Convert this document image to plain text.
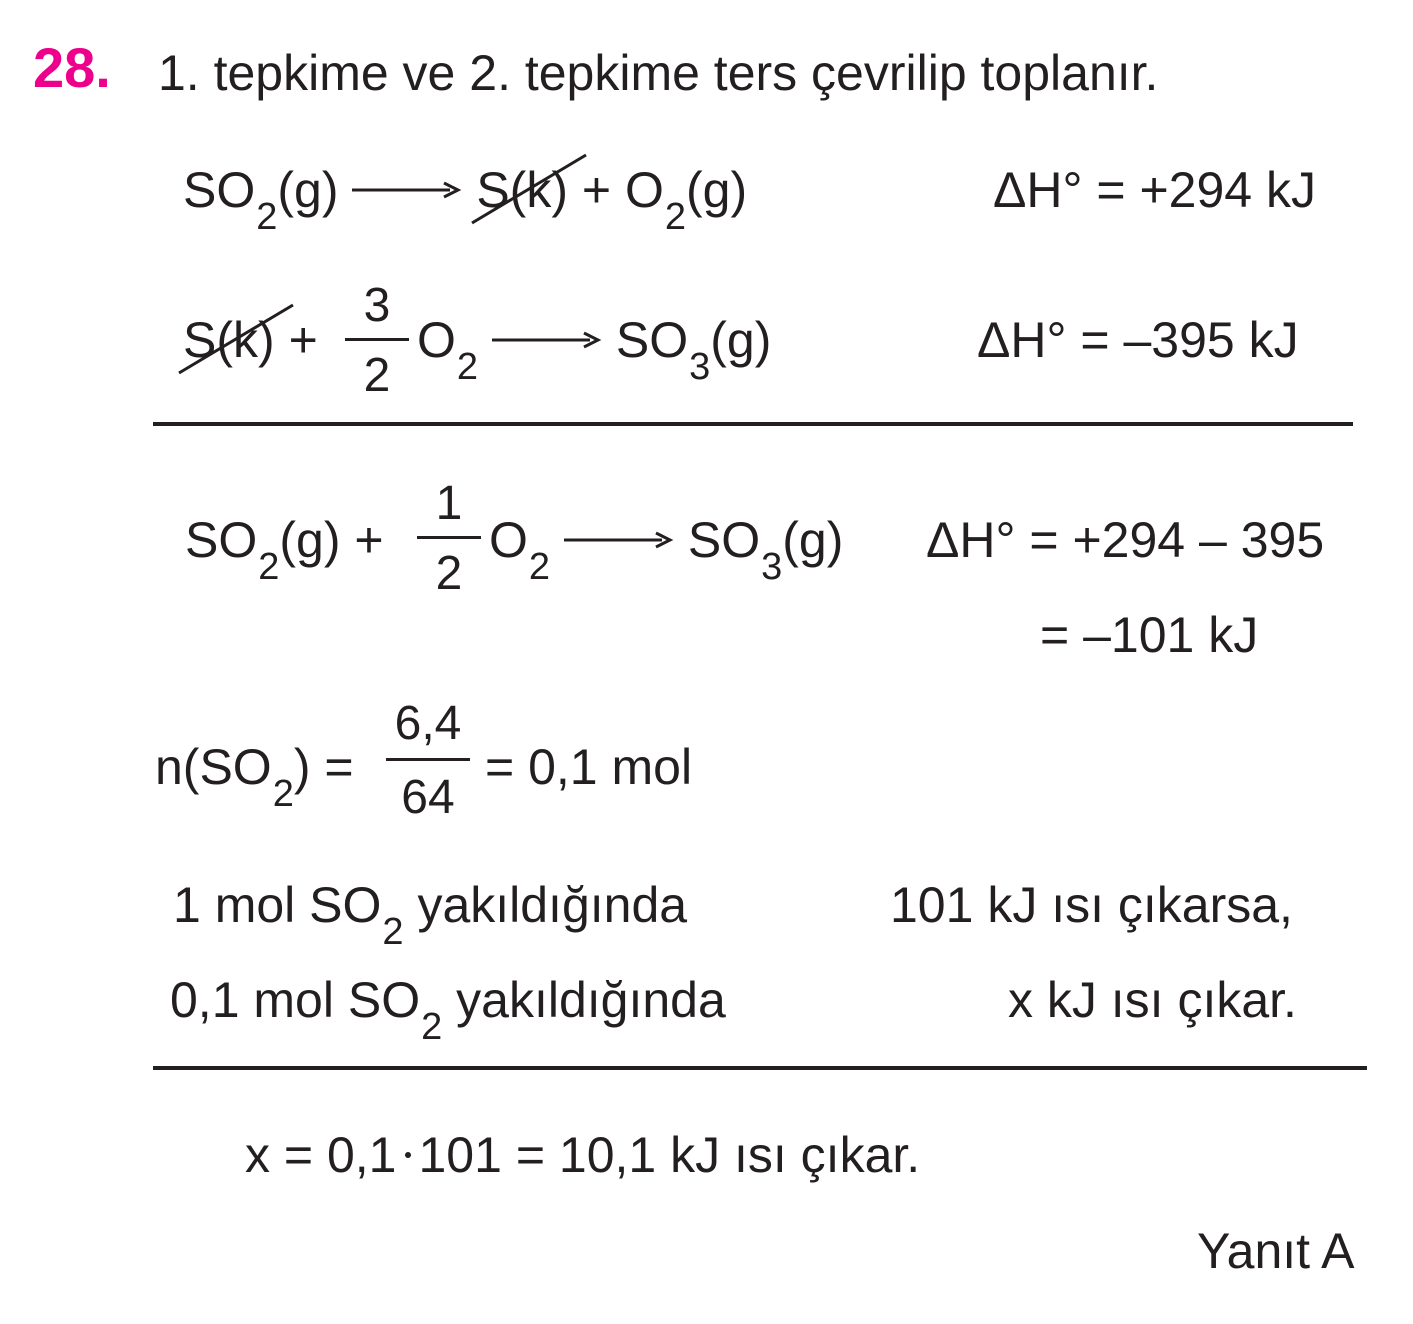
28. 1. tepkime ve 2. tepkime ters çevrilip toplanır.
$SO_2(g) \to S(k) + O_2(g)$	ΔH° = +294 kJ
$S(k) + \frac{3}{2} O_2 \to SO_3(g)$	ΔH° = –395 kJ
$SO_2(g) + \frac{1}{2} O_2 \to SO_3(g) \Delta H^\circ = +294 - 395$
= –101 kJ
$n(SO_2) = \frac{6,4}{64} = 0,1$ mol
1 mol $SO_2$ yakıldığında	101 kJ ısı çıkarsa,
0,1 mol $SO_2$ yakıldığında	x kJ ısı çıkar.
x = 0,1 101 = 10,1 kJ ısı çıkar.
Yanıt A
